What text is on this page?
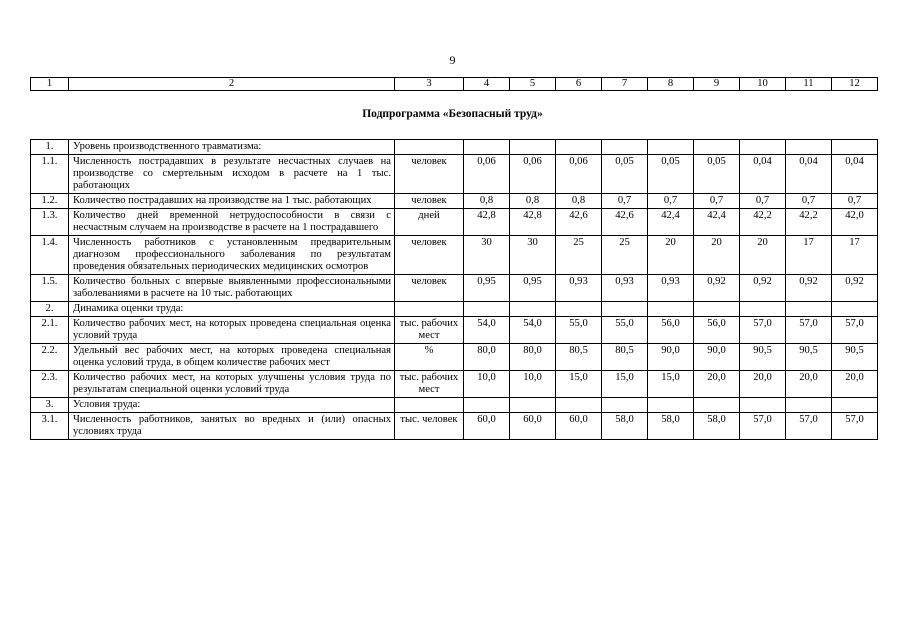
9
1	2	3	4	5	6	7	8	9	10	11	12
Подпрограмма «Безопасный труд»
1.	Уровень производственного травматизма:										
1.1.	Численность пострадавших в результате несчастных случаев на производстве со смертельным исходом в расчете на 1 тыс. работающих	человек	0,06	0,06	0,06	0,05	0,05	0,05	0,04	0,04	0,04
1.2.	Количество пострадавших на производстве на 1 тыс. работающих	человек	0,8	0,8	0,8	0,7	0,7	0,7	0,7	0,7	0,7
1.3.	Количество дней временной нетрудоспособности в связи с несчастным случаем на производстве в расчете на 1 пострадавшего	дней	42,8	42,8	42,6	42,6	42,4	42,4	42,2	42,2	42,0
1.4.	Численность работников с установленным предварительным диагнозом профессионального заболевания по результатам проведения обязательных периодических медицинских осмотров	человек	30	30	25	25	20	20	20	17	17
1.5.	Количество больных с впервые выявленными профессиональными заболеваниями в расчете на 10 тыс. работающих	человек	0,95	0,95	0,93	0,93	0,93	0,92	0,92	0,92	0,92
2.	Динамика оценки труда:										
2.1.	Количество рабочих мест, на которых проведена специальная оценка условий труда	тыс. рабочих мест	54,0	54,0	55,0	55,0	56,0	56,0	57,0	57,0	57,0
2.2.	Удельный вес рабочих мест, на которых проведена специальная оценка условий труда, в общем количестве рабочих мест	%	80,0	80,0	80,5	80,5	90,0	90,0	90,5	90,5	90,5
2.3.	Количество рабочих мест, на которых улучшены условия труда по результатам специальной оценки условий труда	тыс. рабочих мест	10,0	10,0	15,0	15,0	15,0	20,0	20,0	20,0	20,0
3.	Условия труда:										
3.1.	Численность работников, занятых во вредных и (или) опасных условиях труда	тыс. человек	60,0	60,0	60,0	58,0	58,0	58,0	57,0	57,0	57,0
